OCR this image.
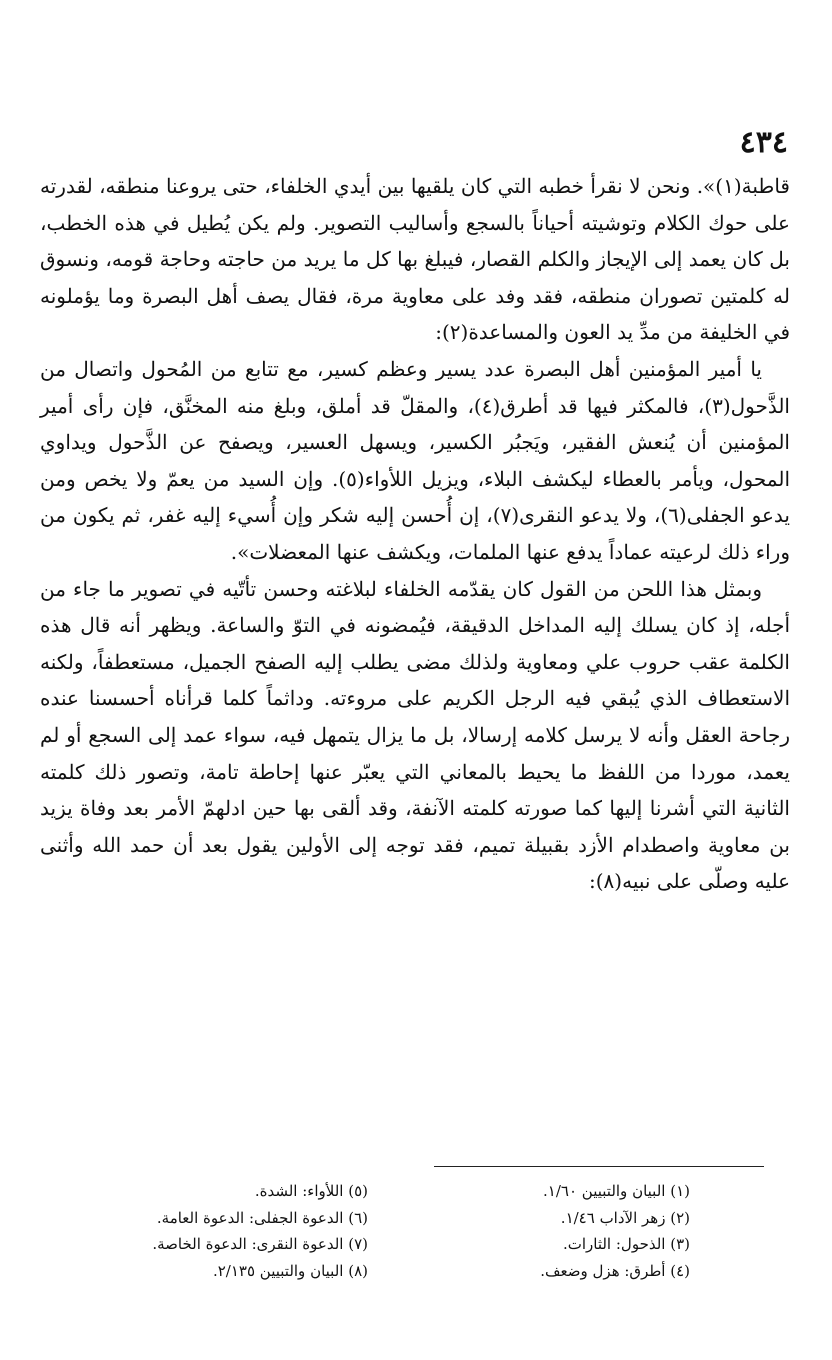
٤٣٤

قاطبة(١)». ونحن لا نقرأ خطبه التي كان يلقيها بين أيدي الخلفاء، حتى يروعنا منطقه، لقدرته على حوك الكلام وتوشيته أحياناً بالسجع وأساليب التصوير. ولم يكن يُطيل في هذه الخطب، بل كان يعمد إلى الإيجاز والكلم القصار، فيبلغ بها كل ما يريد من حاجته وحاجة قومه، ونسوق له كلمتين تصوران منطقه، فقد وفد على معاوية مرة، فقال يصف أهل البصرة وما يؤملونه في الخليفة من مدِّ يد العون والمساعدة(٢):

يا أمير المؤمنين أهل البصرة عدد يسير وعظم كسير، مع تتابع من المُحول واتصال من الذَّحول(٣)، فالمكثر فيها قد أطرق(٤)، والمقلّ قد أملق، وبلغ منه المخنَّق، فإن رأى أمير المؤمنين أن يُنعش الفقير، ويَجبُر الكسير، ويسهل العسير، ويصفح عن الذَّحول ويداوي المحول، ويأمر بالعطاء ليكشف البلاء، ويزيل اللأواء(٥). وإن السيد من يعمّ ولا يخص ومن يدعو الجفلى(٦)، ولا يدعو النقرى(٧)، إن أُحسن إليه شكر وإن أُسيء إليه غفر، ثم يكون من وراء ذلك لرعيته عماداً يدفع عنها الملمات، ويكشف عنها المعضلات».

وبمثل هذا اللحن من القول كان يقدّمه الخلفاء لبلاغته وحسن تأتّيه في تصوير ما جاء من أجله، إذ كان يسلك إليه المداخل الدقيقة، فيُمضونه في التوّ والساعة. ويظهر أنه قال هذه الكلمة عقب حروب علي ومعاوية ولذلك مضى يطلب إليه الصفح الجميل، مستعطفاً، ولكنه الاستعطاف الذي يُبقي فيه الرجل الكريم على مروءته. وداثماً كلما قرأناه أحسسنا عنده رجاحة العقل وأنه لا يرسل كلامه إرسالا، بل ما يزال يتمهل فيه، سواء عمد إلى السجع أو لم يعمد، موردا من اللفظ ما يحيط بالمعاني التي يعبّر عنها إحاطة تامة، وتصور ذلك كلمته الثانية التي أشرنا إليها كما صورته كلمته الآنفة، وقد ألقى بها حين ادلهمّ الأمر بعد وفاة يزيد بن معاوية واصطدام الأزد بقبيلة تميم، فقد توجه إلى الأولين يقول بعد أن حمد الله وأثنى عليه وصلّى على نبيه(٨):

(١) البيان والتبيين ١/٦٠.
(٥) اللأواء: الشدة.
(٢) زهر الآداب ١/٤٦.
(٦) الدعوة الجفلى: الدعوة العامة.
(٣) الذحول: الثارات.
(٧) الدعوة النقرى: الدعوة الخاصة.
(٤) أطرق: هزل وضعف.
(٨) البيان والتبيين ٢/١٣٥.
